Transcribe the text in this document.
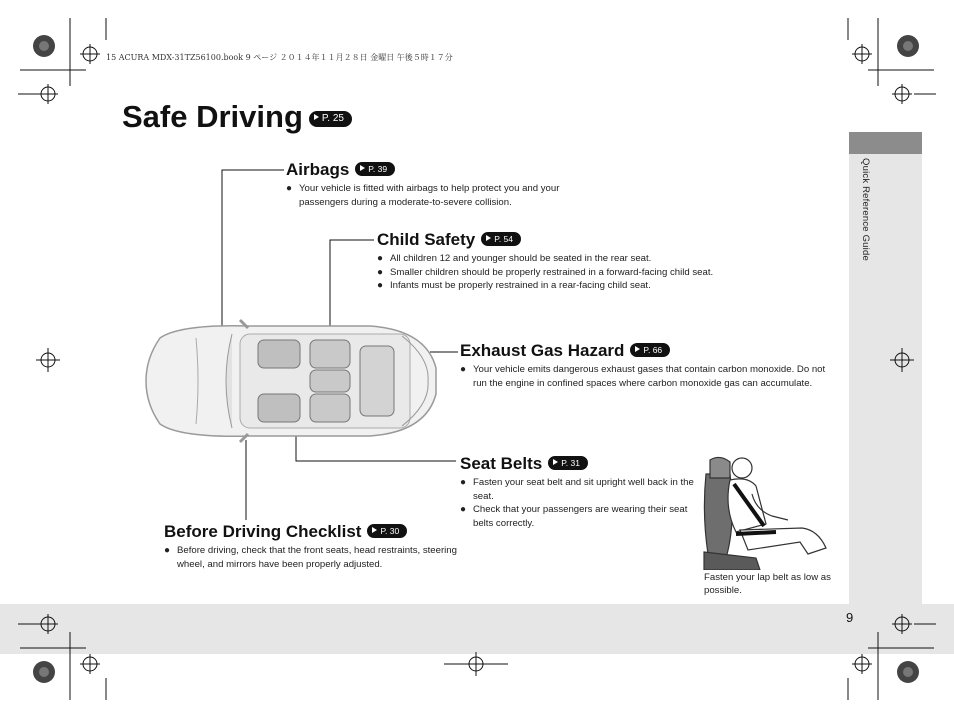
Quick Reference Guide
9
15 ACURA MDX-31TZ56100.book 9 ページ ２０１４年１１月２８日 金曜日 午後５時１７分
Safe Driving P. 25
Airbags P. 39
● Your vehicle is fitted with airbags to help protect you and your passengers during a moderate-to-severe collision.
Child Safety P. 54
● All children 12 and younger should be seated in the rear seat.
● Smaller children should be properly restrained in a forward-facing child seat.
● Infants must be properly restrained in a rear-facing child seat.
Exhaust Gas Hazard P. 66
● Your vehicle emits dangerous exhaust gases that contain carbon monoxide. Do not run the engine in confined spaces where carbon monoxide gas can accumulate.
Seat Belts P. 31
● Fasten your seat belt and sit upright well back in the seat.
● Check that your passengers are wearing their seat belts correctly.
Before Driving Checklist P. 30
● Before driving, check that the front seats, head restraints, steering wheel, and mirrors have been properly adjusted.
Fasten your lap belt as low as possible.
